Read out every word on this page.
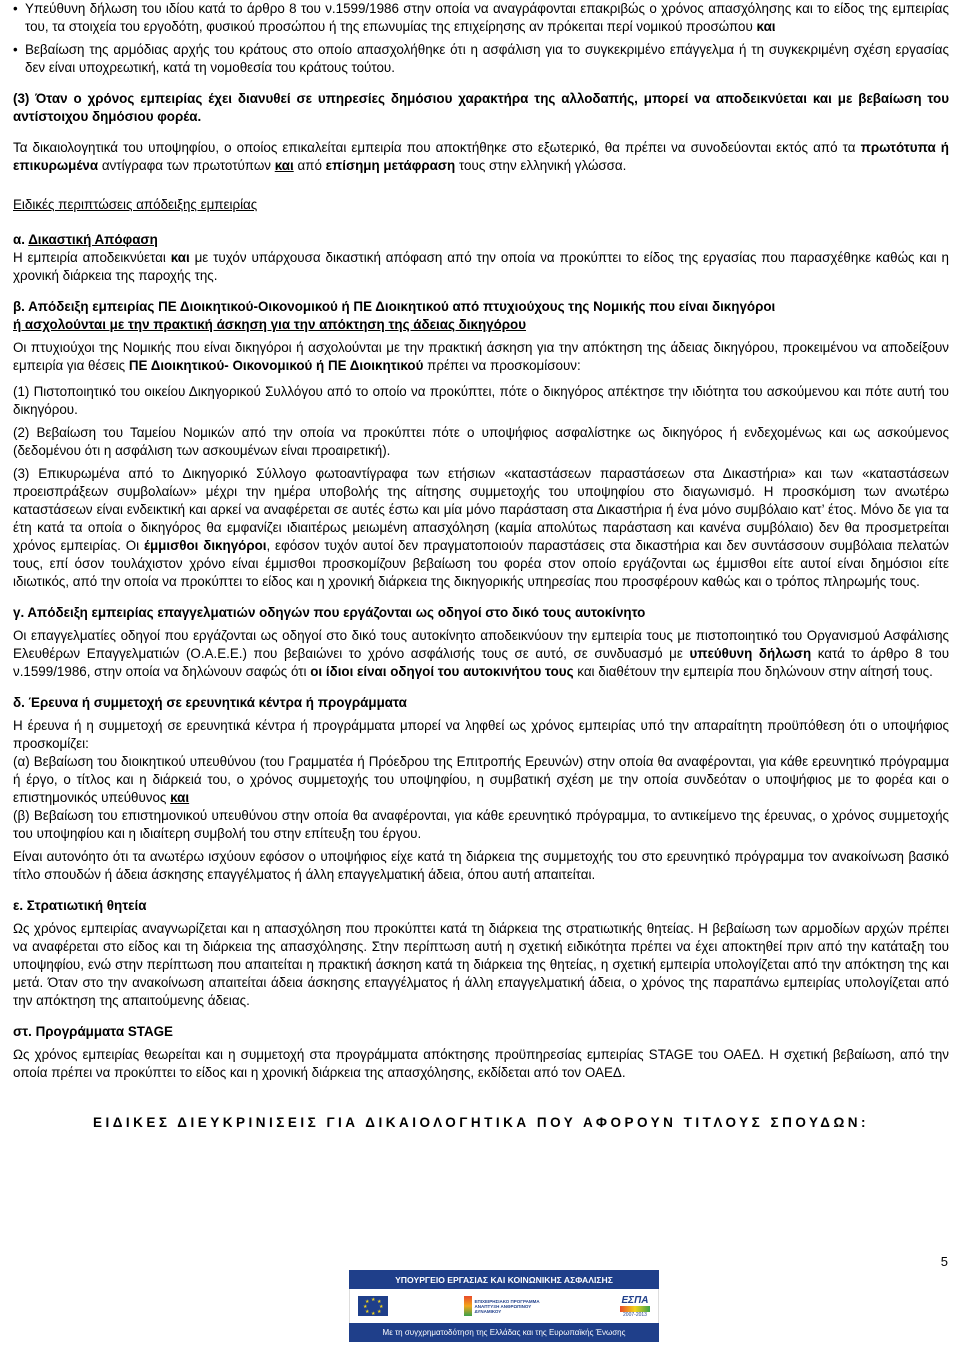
• Υπεύθυνη δήλωση του ιδίου κατά το άρθρο 8 του ν.1599/1986 στην οποία να αναγράφονται επακριβώς ο χρόνος απασχόλησης και το είδος της εμπειρίας του, τα στοιχεία του εργοδότη, φυσικού προσώπου ή της επωνυμίας της επιχείρησης αν πρόκειται περί νομικού προσώπου και

• Βεβαίωση της αρμόδιας αρχής του κράτους στο οποίο απασχολήθηκε ότι η ασφάλιση για το συγκεκριμένο επάγγελμα ή τη συγκεκριμένη σχέση εργασίας δεν είναι υποχρεωτική, κατά τη νομοθεσία του κράτους τούτου.

(3) Όταν ο χρόνος εμπειρίας έχει διανυθεί σε υπηρεσίες δημόσιου χαρακτήρα της αλλοδαπής, μπορεί να αποδεικνύεται και με βεβαίωση του αντίστοιχου δημόσιου φορέα.

Τα δικαιολογητικά του υποψηφίου, ο οποίος επικαλείται εμπειρία που αποκτήθηκε στο εξωτερικό, θα πρέπει να συνοδεύονται εκτός από τα πρωτότυπα ή επικυρωμένα αντίγραφα των πρωτοτύπων και από επίσημη μετάφραση τους στην ελληνική γλώσσα.

Ειδικές περιπτώσεις απόδειξης εμπειρίας

α. Δικαστική Απόφαση

Η εμπειρία αποδεικνύεται και με τυχόν υπάρχουσα δικαστική απόφαση από την οποία να προκύπτει το είδος της εργασίας που παρασχέθηκε καθώς και η χρονική διάρκεια της παροχής της.

β. Απόδειξη εμπειρίας ΠΕ Διοικητικού-Οικονομικού ή ΠΕ Διοικητικού από πτυχιούχους της Νομικής που είναι δικηγόροι
ή ασχολούνται με την πρακτική άσκηση για την απόκτηση της άδειας δικηγόρου

Οι πτυχιούχοι της Νομικής που είναι δικηγόροι ή ασχολούνται με την πρακτική άσκηση για την απόκτηση της άδειας δικηγόρου, προκειμένου να αποδείξουν εμπειρία για θέσεις ΠΕ Διοικητικού- Οικονομικού ή ΠΕ Διοικητικού πρέπει να προσκομίσουν:

(1) Πιστοποιητικό του οικείου Δικηγορικού Συλλόγου από το οποίο να προκύπτει, πότε ο δικηγόρος απέκτησε την ιδιότητα του ασκούμενου και πότε αυτή του δικηγόρου.

(2) Βεβαίωση του Ταμείου Νομικών από την οποία να προκύπτει πότε ο υποψήφιος ασφαλίστηκε ως δικηγόρος ή ενδεχομένως και ως ασκούμενος (δεδομένου ότι η ασφάλιση των ασκουμένων είναι προαιρετική).

(3) Επικυρωμένα από το Δικηγορικό Σύλλογο φωτοαντίγραφα των ετήσιων «καταστάσεων παραστάσεων στα Δικαστήρια» και των «καταστάσεων προεισπράξεων συμβολαίων» μέχρι την ημέρα υποβολής της αίτησης συμμετοχής του υποψηφίου στο διαγωνισμό. Η προσκόμιση των ανωτέρω καταστάσεων είναι ενδεικτική και αρκεί να αναφέρεται σε αυτές έστω και μία μόνο παράσταση στα Δικαστήρια ή ένα μόνο συμβόλαιο κατ’ έτος. Μόνο δε για τα έτη κατά τα οποία ο δικηγόρος θα εμφανίζει ιδιαιτέρως μειωμένη απασχόληση (καμία απολύτως παράσταση και κανένα συμβόλαιο) δεν θα προσμετρείται χρόνος εμπειρίας. Οι έμμισθοι δικηγόροι, εφόσον τυχόν αυτοί δεν πραγματοποιούν παραστάσεις στα δικαστήρια και δεν συντάσσουν συμβόλαια πελατών τους, επί όσον τουλάχιστον χρόνο είναι έμμισθοι προσκομίζουν βεβαίωση του φορέα στον οποίο εργάζονται ως έμμισθοι είτε αυτοί είναι δημόσιοι είτε ιδιωτικός, από την οποία να προκύπτει το είδος και η χρονική διάρκεια της δικηγορικής υπηρεσίας που προσφέρουν καθώς και ο τρόπος πληρωμής τους.

γ. Απόδειξη εμπειρίας επαγγελματιών οδηγών που εργάζονται ως οδηγοί στο δικό τους αυτοκίνητο

Οι επαγγελματίες οδηγοί που εργάζονται ως οδηγοί στο δικό τους αυτοκίνητο αποδεικνύουν την εμπειρία τους με πιστοποιητικό του Οργανισμού Ασφάλισης Ελευθέρων Επαγγελματιών (Ο.Α.Ε.Ε.) που βεβαιώνει το χρόνο ασφάλισής τους σε αυτό, σε συνδυασμό με υπεύθυνη δήλωση κατά το άρθρο 8 του ν.1599/1986, στην οποία να δηλώνουν σαφώς ότι οι ίδιοι είναι οδηγοί του αυτοκινήτου τους και διαθέτουν την εμπειρία που δηλώνουν στην αίτησή τους.

δ. Έρευνα ή συμμετοχή σε ερευνητικά κέντρα ή προγράμματα

Η έρευνα ή η συμμετοχή σε ερευνητικά κέντρα ή προγράμματα μπορεί να ληφθεί ως χρόνος εμπειρίας υπό την απαραίτητη προϋπόθεση ότι ο υποψήφιος προσκομίζει:

(α) Βεβαίωση του διοικητικού υπευθύνου (του Γραμματέα ή Πρόεδρου της Επιτροπής Ερευνών) στην οποία θα αναφέρονται, για κάθε ερευνητικό πρόγραμμα ή έργο, ο τίτλος και η διάρκειά του, ο χρόνος συμμετοχής του υποψηφίου, η συμβατική σχέση με την οποία συνδεόταν ο υποψήφιος με το φορέα και ο επιστημονικός υπεύθυνος και

(β) Βεβαίωση του επιστημονικού υπευθύνου στην οποία θα αναφέρονται, για κάθε ερευνητικό πρόγραμμα, το αντικείμενο της έρευνας, ο χρόνος συμμετοχής του υποψηφίου και η ιδιαίτερη συμβολή του στην επίτευξη του έργου.

Είναι αυτονόητο ότι τα ανωτέρω ισχύουν εφόσον ο υποψήφιος είχε κατά τη διάρκεια της συμμετοχής του στο ερευνητικό πρόγραμμα τον ανακοίνωση βασικό τίτλο σπουδών ή άδεια άσκησης επαγγέλματος ή άλλη επαγγελματική άδεια, όπου αυτή απαιτείται.

ε. Στρατιωτική θητεία

Ως χρόνος εμπειρίας αναγνωρίζεται και η απασχόληση που προκύπτει κατά τη διάρκεια της στρατιωτικής θητείας. Η βεβαίωση των αρμοδίων αρχών πρέπει να αναφέρεται στο είδος και τη διάρκεια της απασχόλησης. Στην περίπτωση αυτή η σχετική ειδικότητα πρέπει να έχει αποκτηθεί πριν από την κατάταξη του υποψηφίου, ενώ στην περίπτωση που απαιτείται η πρακτική άσκηση κατά τη διάρκεια της θητείας, η σχετική εμπειρία υπολογίζεται από την απόκτηση της και μετά. Όταν στο την ανακοίνωση απαιτείται άδεια άσκησης επαγγέλματος ή άλλη επαγγελματική άδεια, ο χρόνος της παραπάνω εμπειρίας υπολογίζεται από την απόκτηση της απαιτούμενης άδειας.

στ. Προγράμματα STAGE

Ως χρόνος εμπειρίας θεωρείται και η συμμετοχή στα προγράμματα απόκτησης προϋπηρεσίας εμπειρίας STAGE του ΟΑΕΔ. Η σχετική βεβαίωση, από την οποία πρέπει να προκύπτει το είδος και η χρονική διάρκεια της απασχόλησης, εκδίδεται από τον ΟΑΕΔ.

ΕΙΔΙΚΕΣ ΔΙΕΥΚΡΙΝΙΣΕΙΣ ΓΙΑ ΔΙΚΑΙΟΛΟΓΗΤΙΚΑ ΠΟΥ ΑΦΟΡΟΥΝ ΤΙΤΛΟΥΣ ΣΠΟΥΔΩΝ:

5
ΥΠΟΥΡΓΕΙΟ ΕΡΓΑΣΙΑΣ ΚΑΙ ΚΟΙΝΩΝΙΚΗΣ ΑΣΦΑΛΙΣΗΣ
★ ★
★
★
★
★
★
★	ΕΠΙΧΕΙΡΗΣΙΑΚΟ ΠΡΟΓΡΑΜΜΑ ΑΝΑΠΤΥΞΗ ΑΝΘΡΩΠΙΝΟΥ ΔΥΝΑΜΙΚΟΥ
ΕΣΠΑ
2007-2013
Με τη συγχρηματοδότηση της Ελλάδας και της Ευρωπαϊκής Ένωσης
